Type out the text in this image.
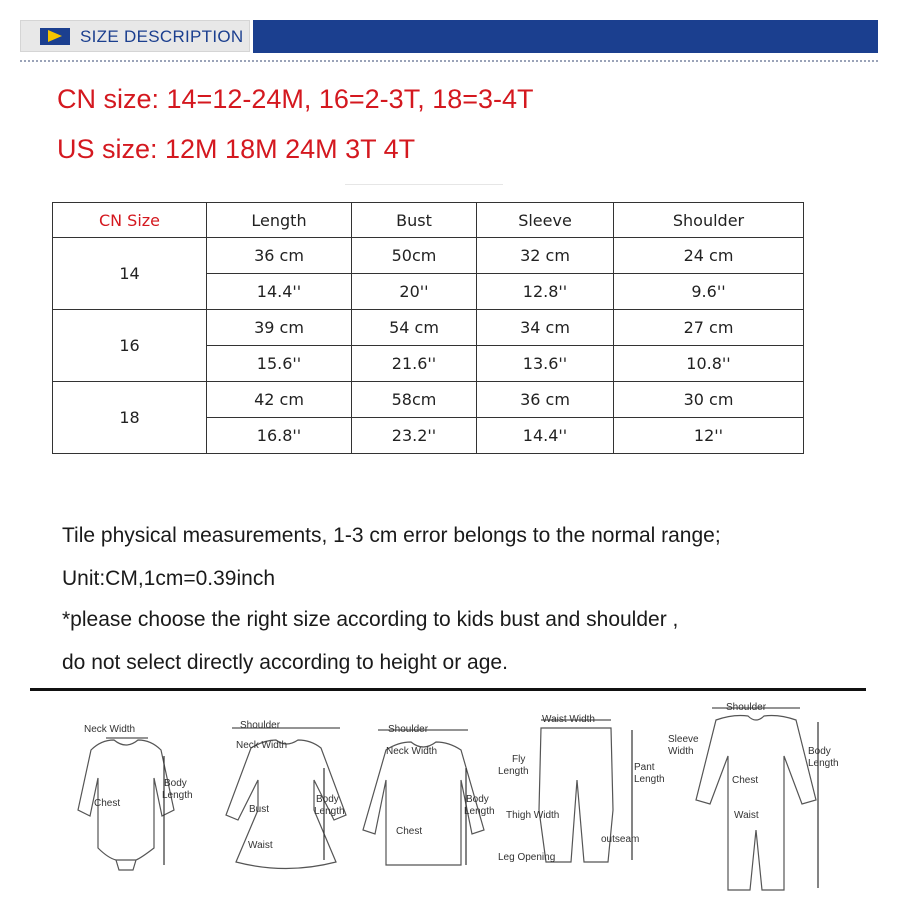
SIZE DESCRIPTION
CN size: 14=12-24M, 16=2-3T, 18=3-4T
US size: 12M 18M 24M 3T 4T
CN Size	Length	Bust	Sleeve	Shoulder
14	36 cm	50cm	32 cm	24 cm
	14.4''	20''	12.8''	9.6''
16	39 cm	54 cm	34 cm	27 cm
	15.6''	21.6''	13.6''	10.8''
18	42 cm	58cm	36 cm	30 cm
	16.8''	23.2''	14.4''	12''
Tile physical measurements, 1-3 cm error belongs to the normal range;
Unit:CM,1cm=0.39inch
*please choose the right size according to kids bust and shoulder ,
do not select directly according to height or age.
Neck Width
Chest
Body
Length
Shoulder
Neck Width
Bust
Waist
Body
Length
Shoulder
Neck Width
Chest
Body
Length
Waist Width
Fly
Length
Thigh Width
Leg Opening
Pant
Length
outseam
Shoulder
Sleeve
Width
Chest
Waist
Body
Length
